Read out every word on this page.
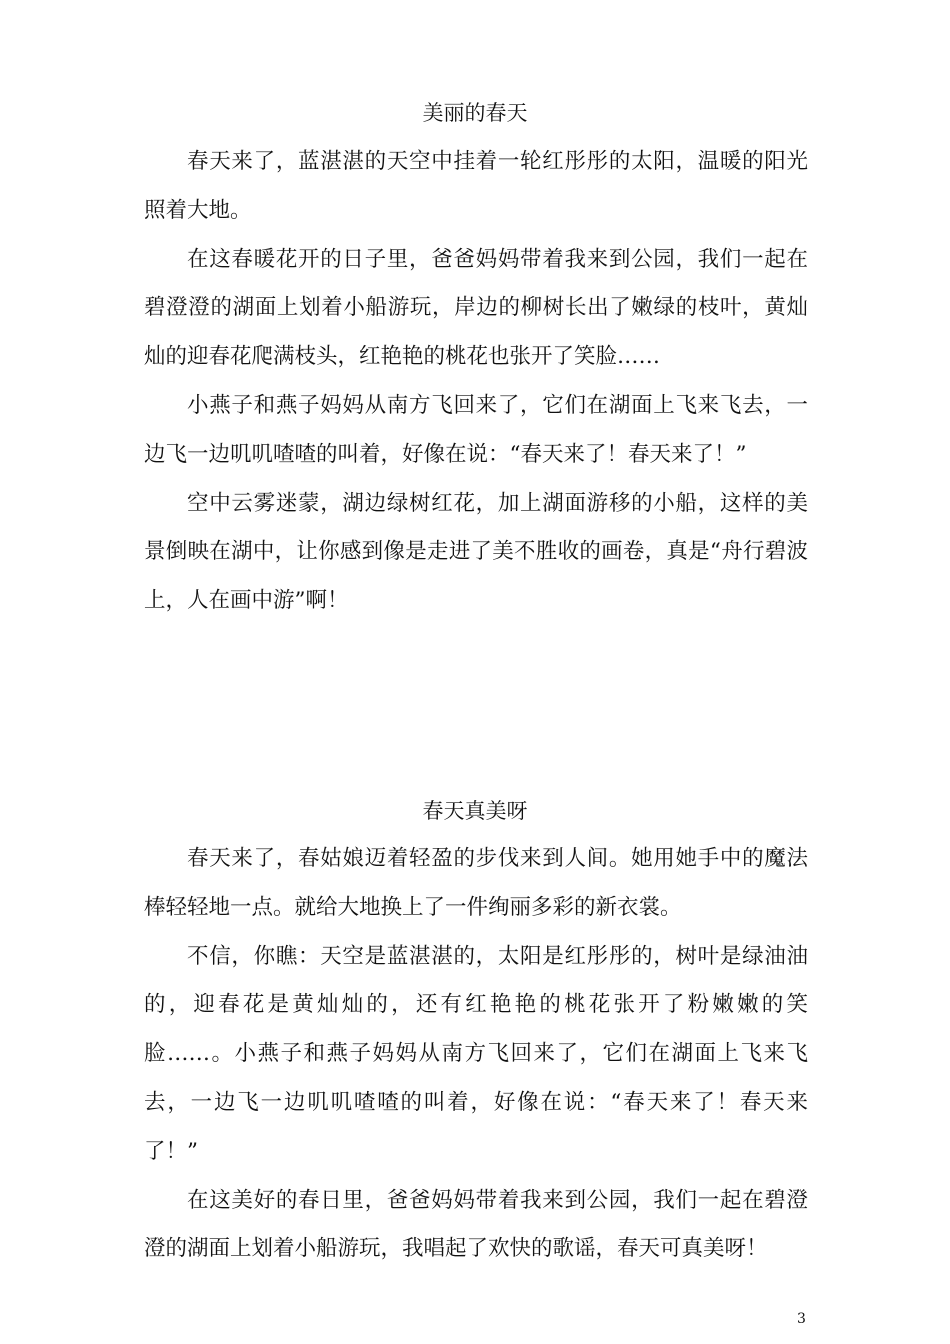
美丽的春天

春天来了，蓝湛湛的天空中挂着一轮红彤彤的太阳，温暖的阳光照着大地。

在这春暖花开的日子里，爸爸妈妈带着我来到公园，我们一起在碧澄澄的湖面上划着小船游玩，岸边的柳树长出了嫩绿的枝叶，黄灿灿的迎春花爬满枝头，红艳艳的桃花也张开了笑脸……

小燕子和燕子妈妈从南方飞回来了，它们在湖面上飞来飞去，一边飞一边叽叽喳喳的叫着，好像在说：“春天来了！春天来了！”

空中云雾迷蒙，湖边绿树红花，加上湖面游移的小船，这样的美景倒映在湖中，让你感到像是走进了美不胜收的画卷，真是“舟行碧波上，人在画中游”啊！

春天真美呀

春天来了，春姑娘迈着轻盈的步伐来到人间。她用她手中的魔法棒轻轻地一点。就给大地换上了一件绚丽多彩的新衣裳。

不信，你瞧：天空是蓝湛湛的，太阳是红彤彤的，树叶是绿油油的，迎春花是黄灿灿的，还有红艳艳的桃花张开了粉嫩嫩的笑脸……。小燕子和燕子妈妈从南方飞回来了，它们在湖面上飞来飞去，一边飞一边叽叽喳喳的叫着，好像在说：“春天来了！春天来了！”

在这美好的春日里，爸爸妈妈带着我来到公园，我们一起在碧澄澄的湖面上划着小船游玩，我唱起了欢快的歌谣，春天可真美呀！

3
